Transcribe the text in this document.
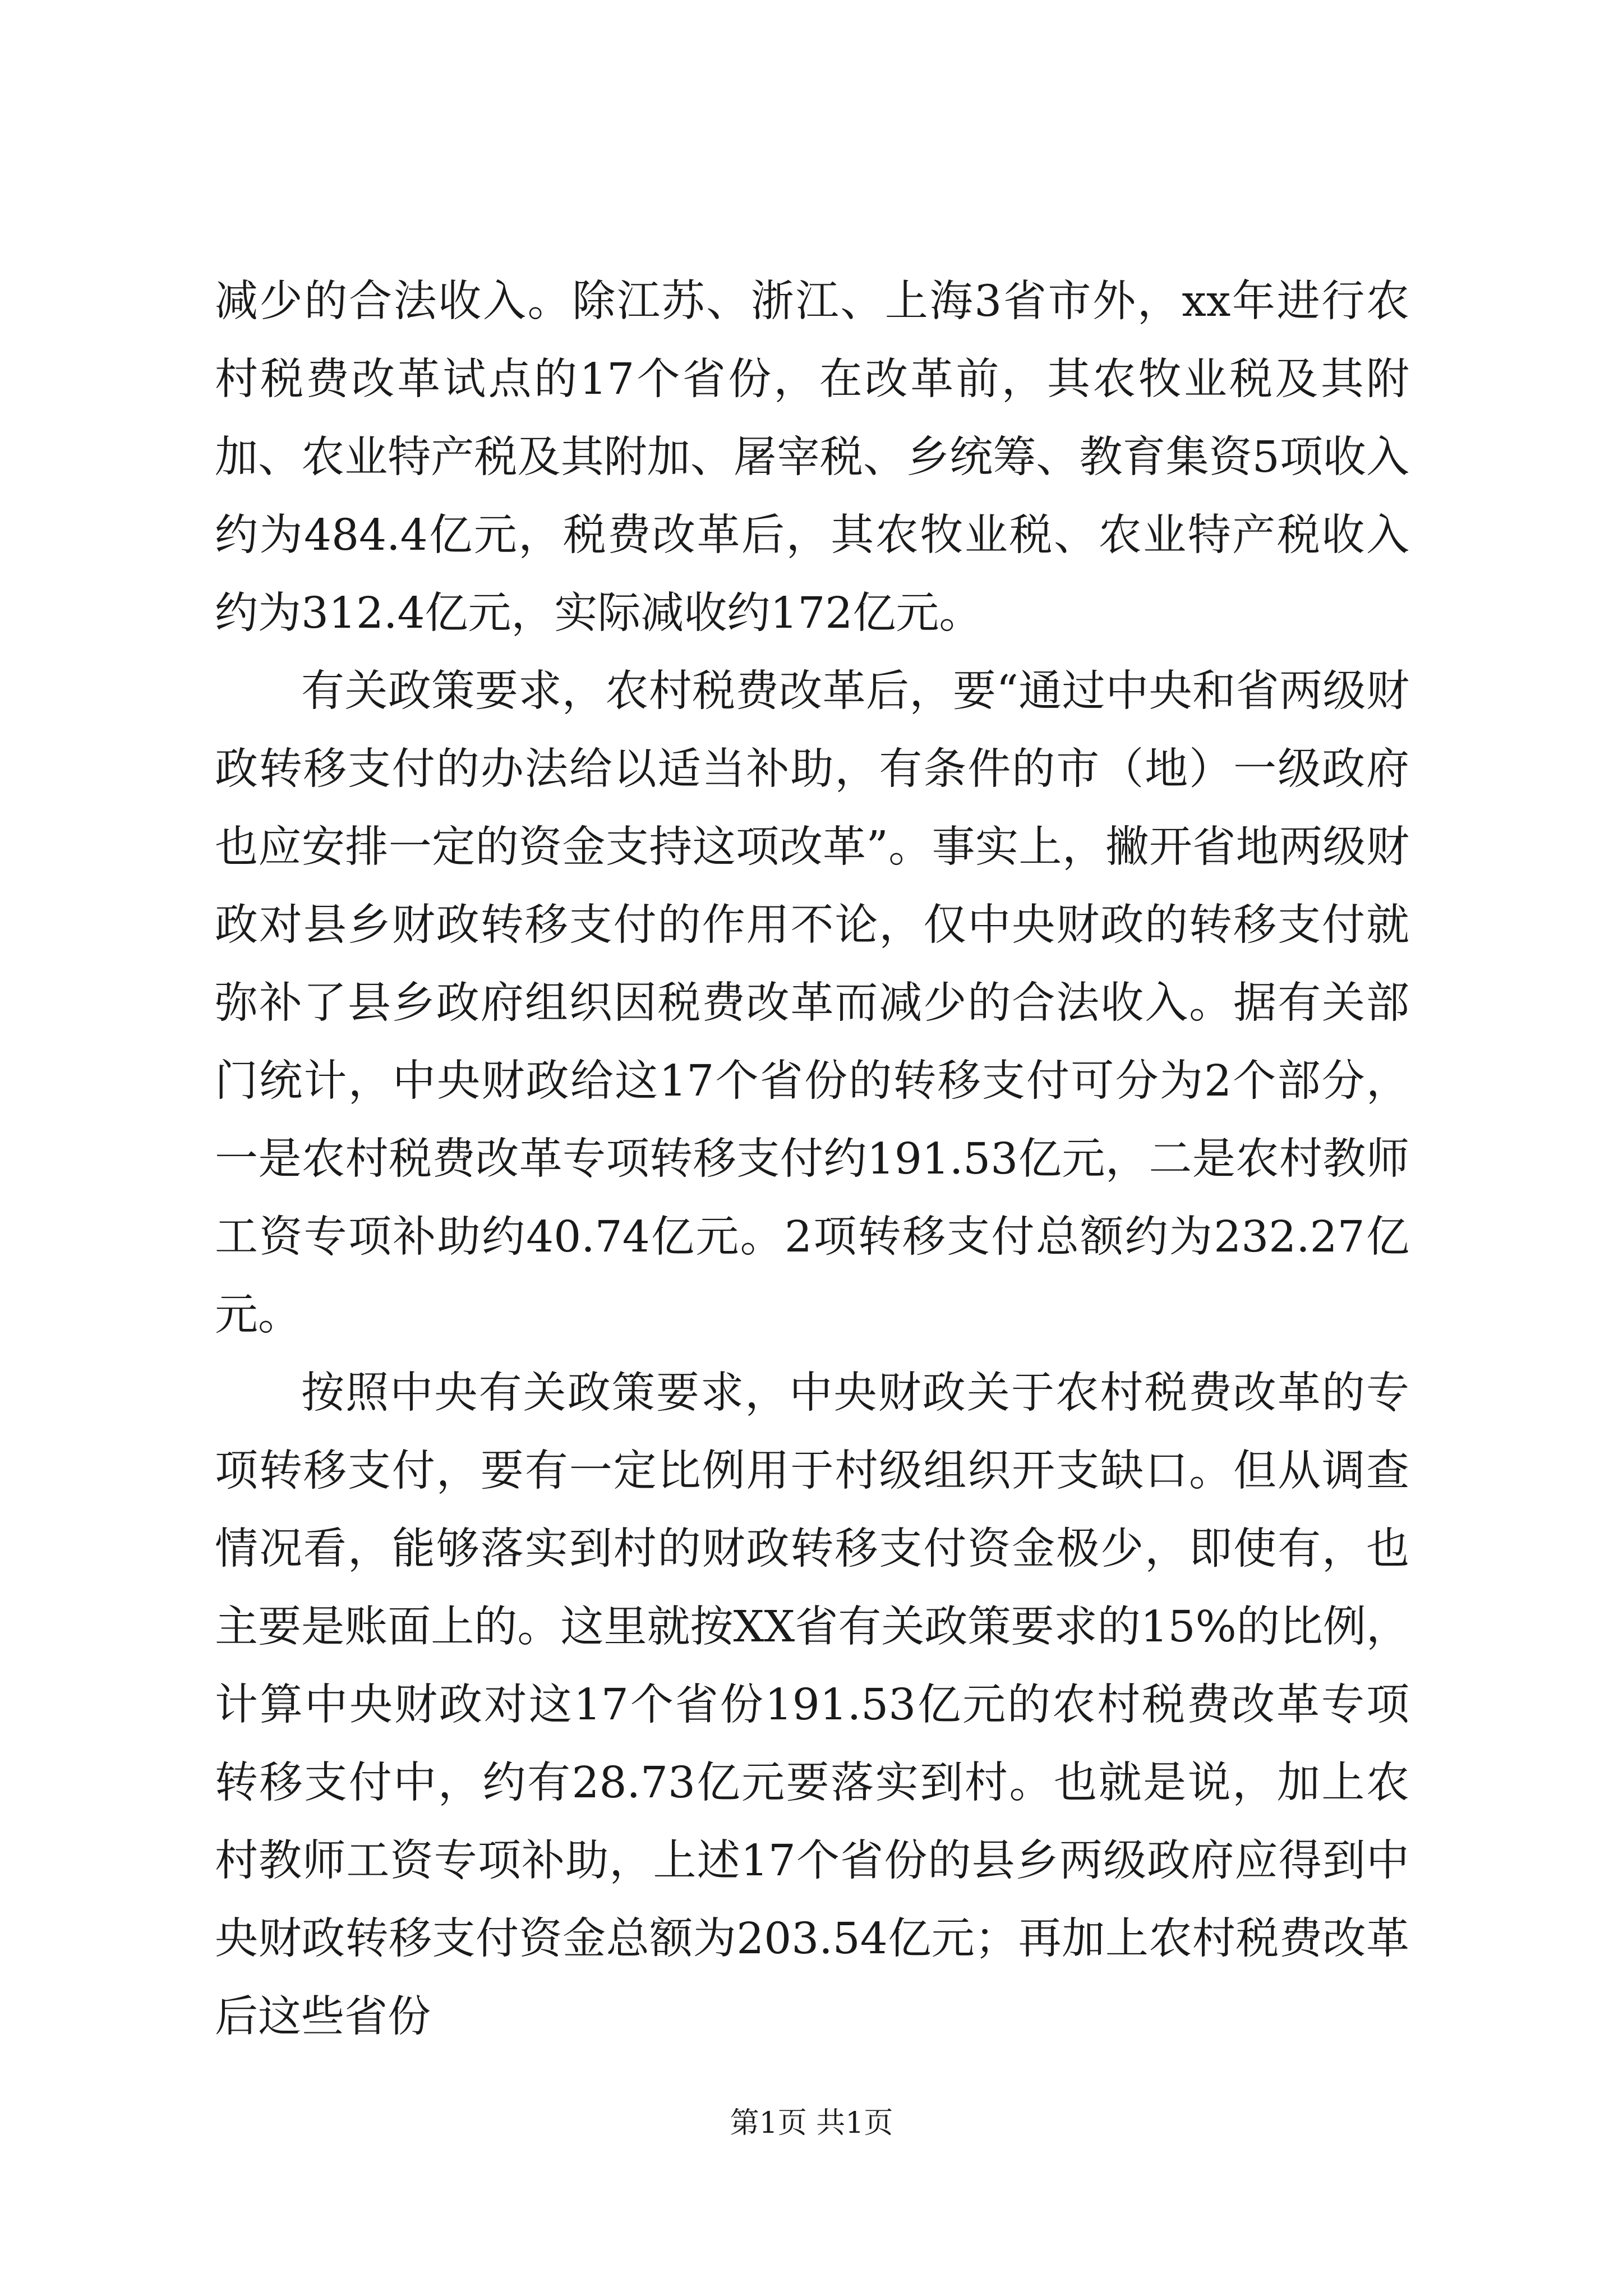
减少的合法收入。除江苏、浙江、上海3省市外，xx年进行农村税费改革试点的17个省份，在改革前，其农牧业税及其附加、农业特产税及其附加、屠宰税、乡统筹、教育集资5项收入约为484.4亿元，税费改革后，其农牧业税、农业特产税收入约为312.4亿元，实际减收约172亿元。

有关政策要求，农村税费改革后，要“通过中央和省两级财政转移支付的办法给以适当补助，有条件的市（地）一级政府也应安排一定的资金支持这项改革”。事实上，撇开省地两级财政对县乡财政转移支付的作用不论，仅中央财政的转移支付就弥补了县乡政府组织因税费改革而减少的合法收入。据有关部门统计，中央财政给这17个省份的转移支付可分为2个部分，一是农村税费改革专项转移支付约191.53亿元，二是农村教师工资专项补助约40.74亿元。2项转移支付总额约为232.27亿元。

按照中央有关政策要求，中央财政关于农村税费改革的专项转移支付，要有一定比例用于村级组织开支缺口。但从调查情况看，能够落实到村的财政转移支付资金极少，即使有，也主要是账面上的。这里就按XX省有关政策要求的15%的比例，计算中央财政对这17个省份191.53亿元的农村税费改革专项转移支付中，约有28.73亿元要落实到村。也就是说，加上农村教师工资专项补助，上述17个省份的县乡两级政府应得到中央财政转移支付资金总额为203.54亿元；再加上农村税费改革后这些省份

第1页 共1页
